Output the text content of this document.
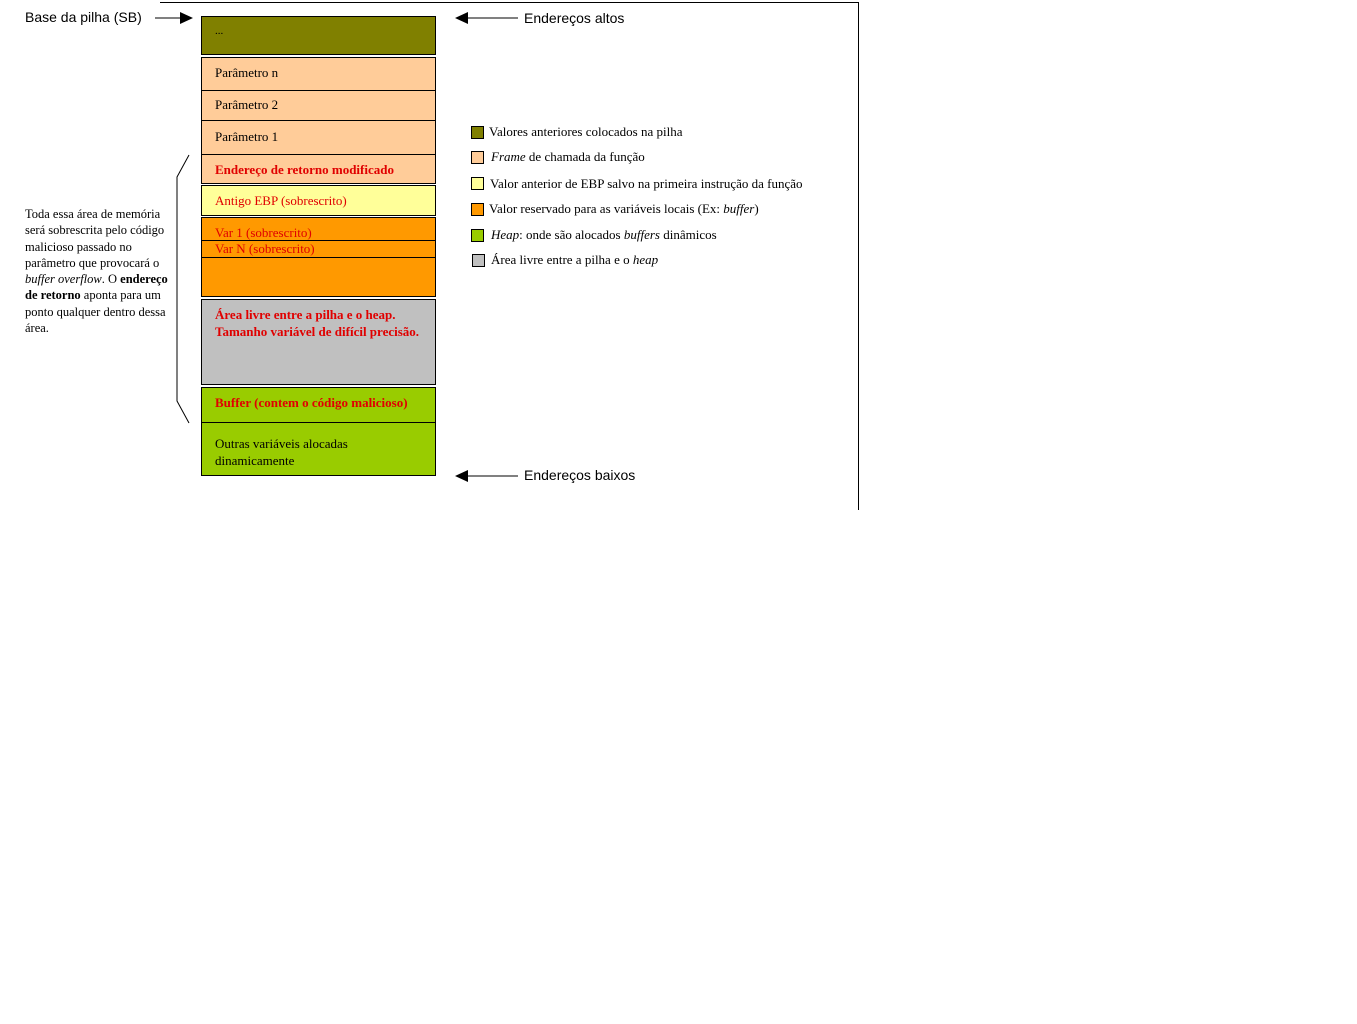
Base da pilha (SB)	Endereços altos
Endereços baixos
...
Parâmetro n
Parâmetro 2
Parâmetro 1
Endereço de retorno modificado
Antigo EBP (sobrescrito)
Var 1 (sobrescrito)
Var N (sobrescrito)
Área livre entre a pilha e o heap. Tamanho variável de difícil precisão.
Buffer (contem o código malicioso)
Outras variáveis alocadas dinamicamente
Toda essa área de memória será sobrescrita pelo código malicioso passado no parâmetro que provocará o buffer overflow. O endereço de retorno aponta para um ponto qualquer dentro dessa área.
Valores anteriores colocados na pilha
Frame de chamada da função
Valor anterior de EBP salvo na primeira instrução da função
Valor reservado para as variáveis locais (Ex: buffer)
Heap: onde são alocados buffers dinâmicos
Área livre entre a pilha e o heap
